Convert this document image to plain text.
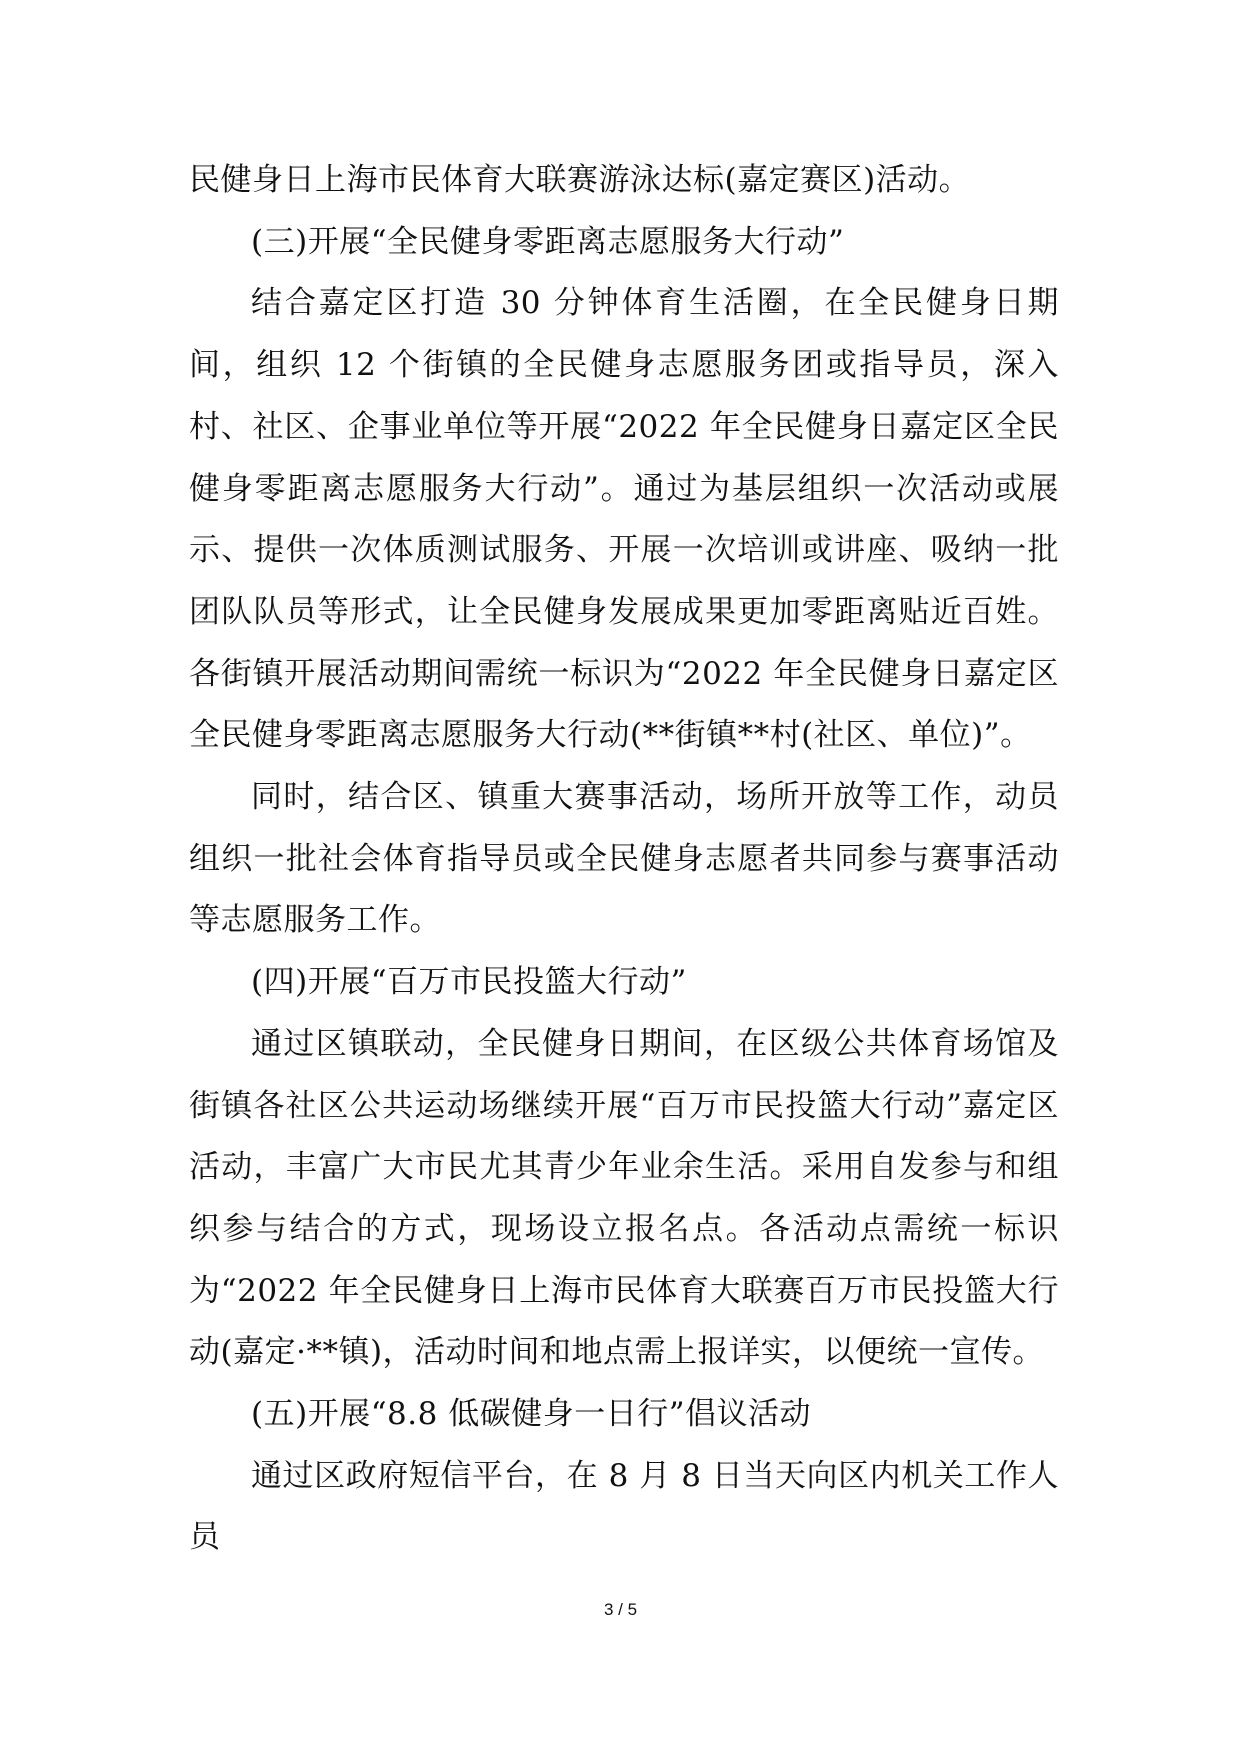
民健身日上海市民体育大联赛游泳达标(嘉定赛区)活动。

(三)开展“全民健身零距离志愿服务大行动”

结合嘉定区打造 30 分钟体育生活圈，在全民健身日期间，组织 12 个街镇的全民健身志愿服务团或指导员，深入村、社区、企事业单位等开展“2022 年全民健身日嘉定区全民健身零距离志愿服务大行动”。通过为基层组织一次活动或展示、提供一次体质测试服务、开展一次培训或讲座、吸纳一批团队队员等形式，让全民健身发展成果更加零距离贴近百姓。各街镇开展活动期间需统一标识为“2022 年全民健身日嘉定区全民健身零距离志愿服务大行动(**街镇**村(社区、单位)”。

同时，结合区、镇重大赛事活动，场所开放等工作，动员组织一批社会体育指导员或全民健身志愿者共同参与赛事活动等志愿服务工作。

(四)开展“百万市民投篮大行动”

通过区镇联动，全民健身日期间，在区级公共体育场馆及街镇各社区公共运动场继续开展“百万市民投篮大行动”嘉定区活动，丰富广大市民尤其青少年业余生活。采用自发参与和组织参与结合的方式，现场设立报名点。各活动点需统一标识为“2022 年全民健身日上海市民体育大联赛百万市民投篮大行动(嘉定·**镇)，活动时间和地点需上报详实，以便统一宣传。

(五)开展“8.8 低碳健身一日行”倡议活动

通过区政府短信平台，在 8 月 8 日当天向区内机关工作人员

3 / 5
